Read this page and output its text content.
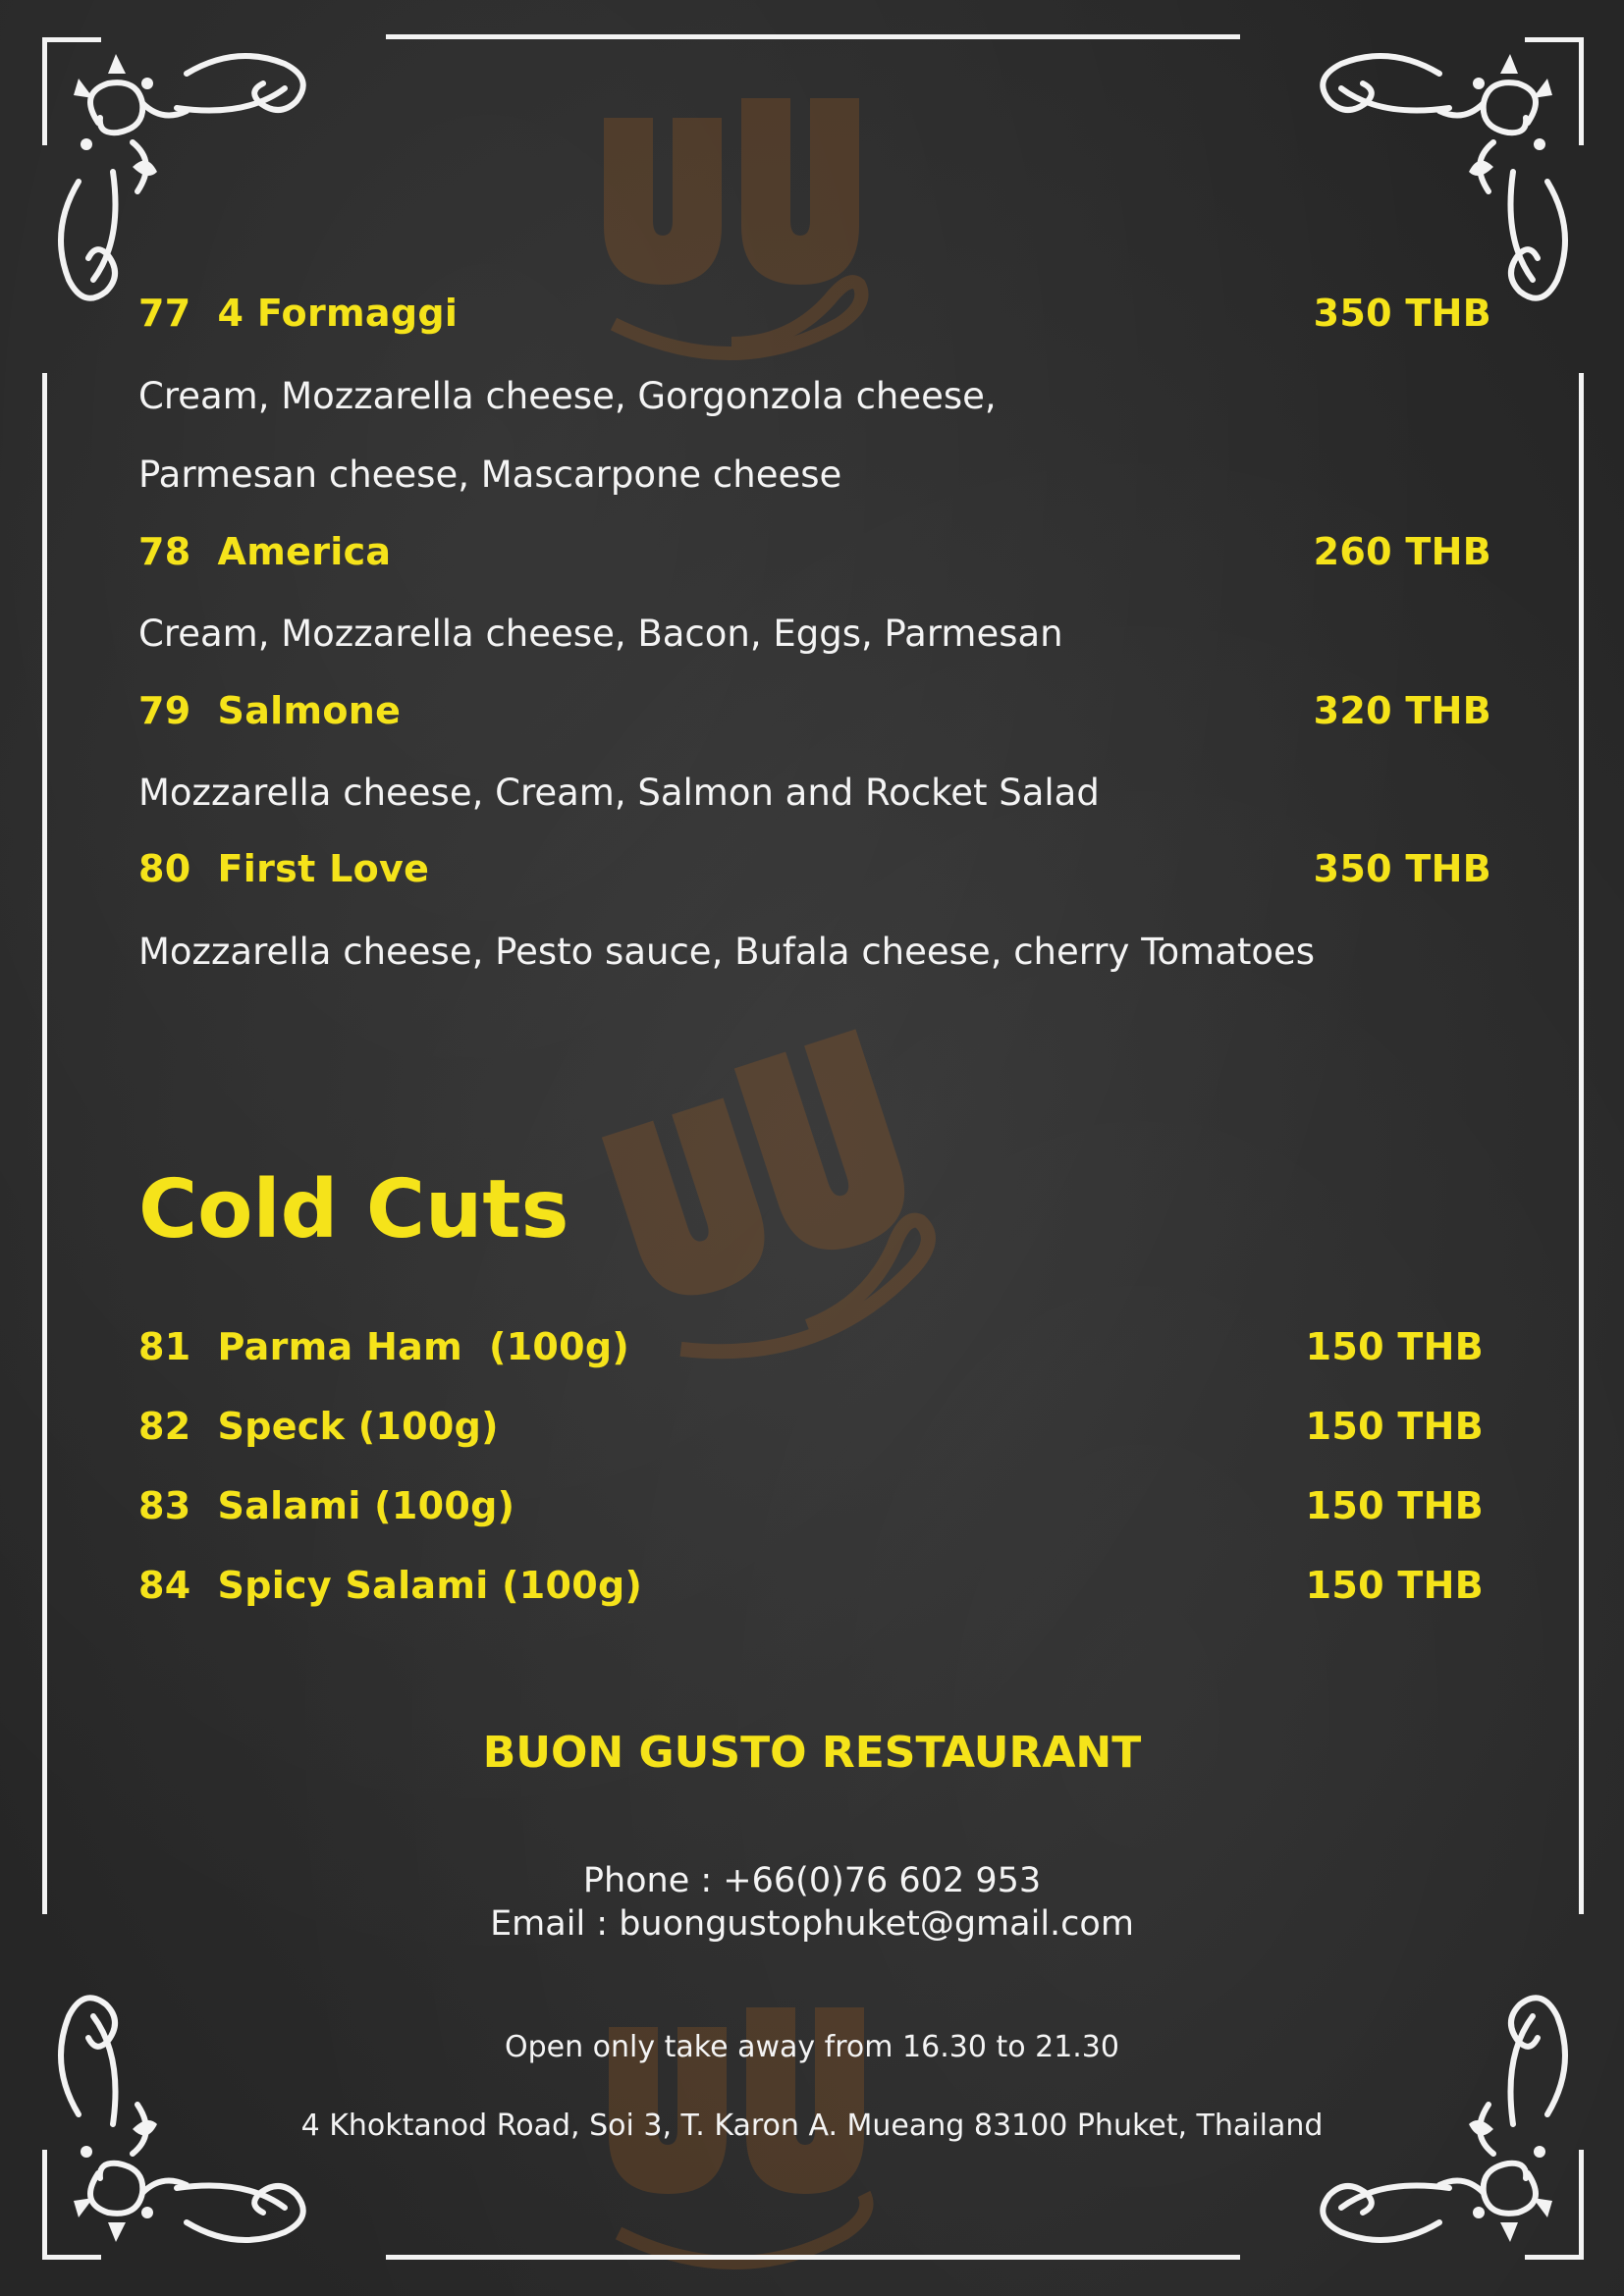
77 4 Formaggi	350 THB
Cream, Mozzarella cheese, Gorgonzola cheese,
Parmesan cheese, Mascarpone cheese
78 America	260 THB
Cream, Mozzarella cheese, Bacon, Eggs, Parmesan
79 Salmone	320 THB
Mozzarella cheese, Cream, Salmon and Rocket Salad
80 First Love	350 THB
Mozzarella cheese, Pesto sauce, Bufala cheese, cherry Tomatoes
Cold Cuts
81 Parma Ham  (100g)	150 THB
82 Speck (100g)	150 THB
83 Salami (100g)	150 THB
84 Spicy Salami (100g)	150 THB
BUON GUSTO RESTAURANT
Phone : +66(0)76 602 953
Email : buongustophuket@gmail.com
Open only take away from 16.30 to 21.30
4 Khoktanod Road, Soi 3, T. Karon A. Mueang 83100 Phuket, Thailand
